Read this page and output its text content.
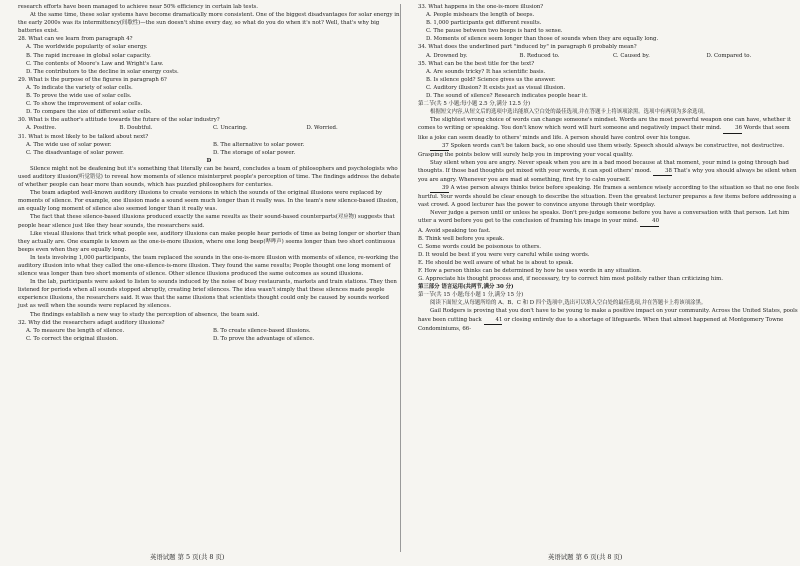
research efforts have been managed to achieve near 50% efficiency in certain lab tests.

At the same time, these solar systems have become dramatically more consistent. One of the biggest disadvantages for solar energy in the early 2000s was its intermittency(间歇性)—the sun doesn't shine every day, so what do you do when it's not? Well, that's why big batteries exist.

28. What can we learn from paragraph 4?
A. The worldwide popularity of solar energy.
B. The rapid increase in global solar capacity.
C. The contents of Moore's Law and Wright's Law.
D. The contributors to the decline in solar energy costs.
29. What is the purpose of the figures in paragraph 6?
A. To indicate the variety of solar cells.
B. To prove the wide use of solar cells.
C. To show the improvement of solar cells.
D. To compare the size of different solar cells.
30. What is the author's attitude towards the future of the solar industry?
A. Positive.	B. Doubtful.	C. Uncaring.	D. Worried.
31. What is most likely to be talked about next?
A. The wide use of solar power.	B. The alternative to solar power.
C. The disadvantage of solar power.	D. The storage of solar power.
D

Silence might not be deafening but it's something that literally can be heard, concludes a team of philosophers and psychologists who used auditory illusion(听觉错觉) to reveal how moments of silence misinterpret people's perception of time. The findings address the debate of whether people can hear more than sounds, which has puzzled philosophers for centuries.

The team adapted well-known auditory illusions to create versions in which the sounds of the original illusions were replaced by moments of silence. For example, one illusion made a sound seem much longer than it really was. In the team's new silence-based illusion, an equally long moment of silence also seemed longer than it really was.

The fact that these silence-based illusions produced exactly the same results as their sound-based counterparts(对应物) suggests that people hear silence just like they hear sounds, the researchers said.

Like visual illusions that trick what people see, auditory illusions can make people hear periods of time as being longer or shorter than they actually are. One example is known as the one-is-more illusion, where one long beep(哔哔声) seems longer than two short continuous beeps even when they are equally long.

In tests involving 1,000 participants, the team replaced the sounds in the one-is-more illusion with moments of silence, re-working the auditory illusion into what they called the one-silence-is-more illusion. They found the same results; People thought one long moment of silence was longer than two short moments of silence. Other silence illusions produced the same outcomes as sound illusions.

In the lab, participants were asked to listen to sounds induced by the noise of busy restaurants, markets and train stations. They then listened for periods when all sounds stopped abruptly, creating brief silences. The idea wasn't simply that these silences made people experience illusions, the researchers said. It was that the same illusions that scientists thought could only be caused by sounds worked just as well when the sounds were replaced by silences.

The findings establish a new way to study the perception of absence, the team said.

32. Why did the researchers adapt auditory illusions?
A. To measure the length of silence.	B. To create silence-based illusions.
C. To correct the original illusion.	D. To prove the advantage of silence.
33. What happens in the one-is-more illusion?
A. People mishears the length of beeps.
B. 1,000 participants get different results.
C. The pause between two beeps is hard to sense.
D. Moments of silence seem longer than those of sounds when they are equally long.
34. What does the underlined part "induced by" in paragraph 6 probably mean?
A. Drowned by.	B. Reduced to.	C. Caused by.	D. Compared to.
35. What can be the best title for the text?
A. Are sounds tricky? It has scientific basis.
B. Is silence gold? Science gives us the answer.
C. Auditory illusion? It exists just as visual illusion.
D. The sound of silence? Research indicates people hear it.
第二节(共 5 小题;每小题 2.5 分,满分 12.5 分)

根据短文内容,从短文后的选项中选出能填入空白处的最佳选项,并在答题卡上将该项涂黑。选项中有两项为多余选项。

The slightest wrong choice of words can change someone's mindset. Words are the most powerful weapon one can have, whether it comes to writing or speaking. You don't know which word will hurt someone and negatively impact their mind.	36 Words that seem like a joke can seem deadly to others' minds and life. A person should have control over his tongue.

37 Spoken words can't be taken back, so one should use them wisely. Speech should always be constructive, not destructive. Grasping the points below will surely help you in improving your vocal quality.

Stay silent when you are angry. Never speak when you are in a bad mood because at that moment, your mind is going through bad thoughts. If those bad thoughts get mixed with your words, it can spoil others' mood.	38 That's why you should always be silent when you are angry. Whenever you are mad at something, first try to calm yourself.

39 A wise person always thinks twice before speaking. He frames a sentence wisely according to the situation so that no one feels hurtful. Your words should be clear enough to describe the situation. Even the greatest lecturer prepares a few items before addressing a vast crowd. A good lecturer has the power to convince anyone through their wordplay.

Never judge a person until or unless he speaks. Don't pre-judge someone before you have a conversation with that person. Let him utter a word before you get to the conclusion of framing his image in your mind.	40

A. Avoid speaking too fast.
B. Think well before you speak.
C. Some words could be poisonous to others.
D. It would be best if you were very careful while using words.
E. He should be well aware of what he is about to speak.
F. How a person thinks can be determined by how he uses words in any situation.
G. Appreciate his thought process and, if necessary, try to correct him most politely rather than criticizing him.
第三部分 语言运用(共两节,满分 30 分)
第一节(共 15 小题;每小题 1 分,满分 15 分)

阅读下面短文,从每题所给的 A、B、C 和 D 四个选项中,选出可以填入空白处的最佳选项,并在答题卡上将该项涂黑。

Gail Rodgers is proving that you don't have to be young to make a positive impact on your community. Across the United States, pools have been cutting back	41 or closing entirely due to a shortage of lifeguards. When that almost happened at Montgomery Towne Condominiums, 66-

英语试题 第 5 页(共 8 页)	英语试题 第 6 页(共 8 页)
